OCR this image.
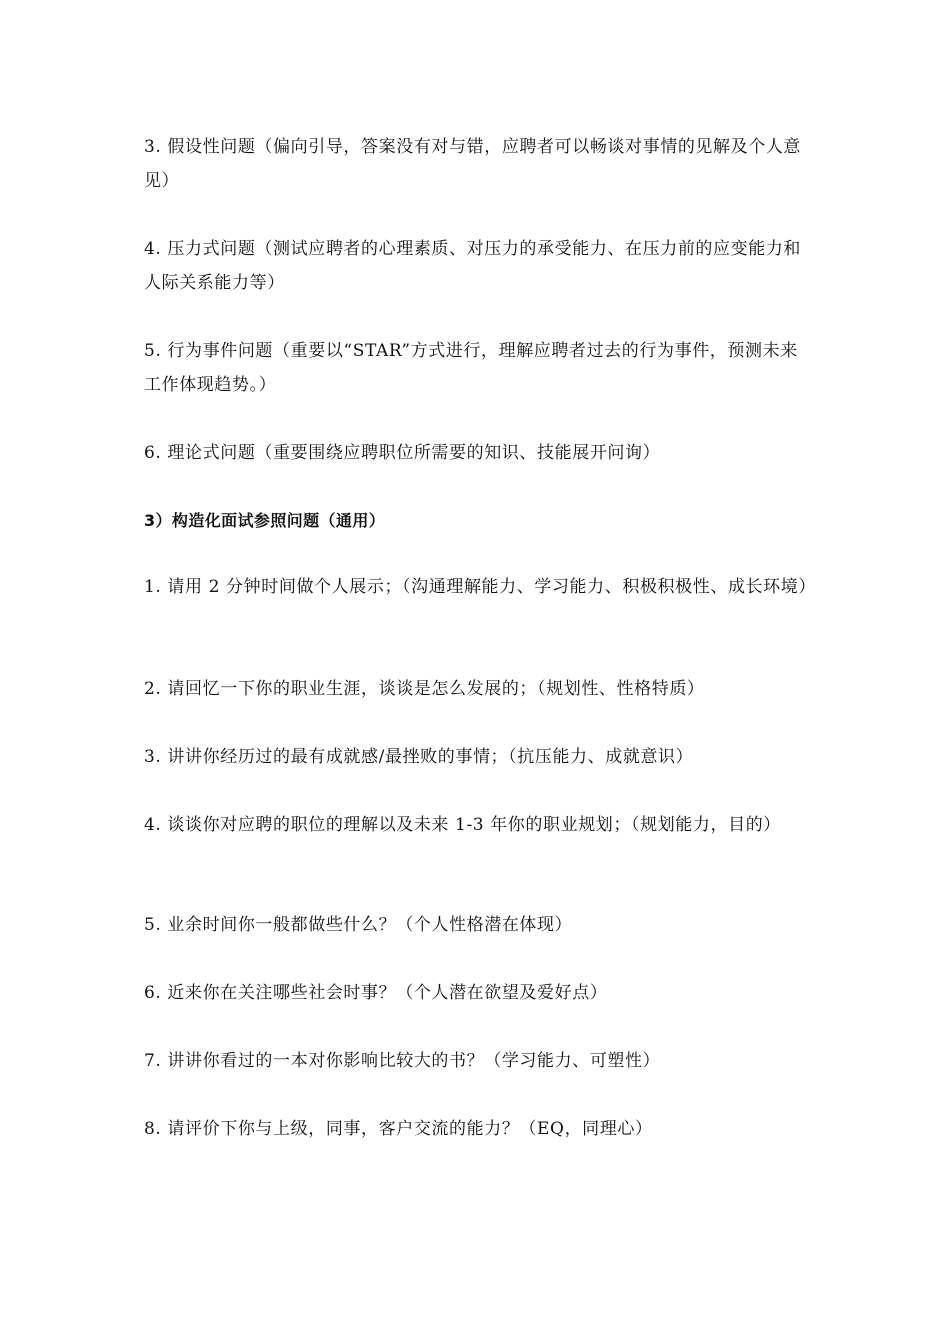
3. 假设性问题（偏向引导，答案没有对与错，应聘者可以畅谈对事情的见解及个人意见）

4. 压力式问题（测试应聘者的心理素质、对压力的承受能力、在压力前的应变能力和人际关系能力等）

5. 行为事件问题（重要以“STAR”方式进行，理解应聘者过去的行为事件，预测未来工作体现趋势。）

6. 理论式问题（重要围绕应聘职位所需要的知识、技能展开问询）

3）构造化面试参照问题（通用）

1. 请用 2 分钟时间做个人展示；（沟通理解能力、学习能力、积极积极性、成长环境）

2. 请回忆一下你的职业生涯，谈谈是怎么发展的；（规划性、性格特质）

3. 讲讲你经历过的最有成就感/最挫败的事情；（抗压能力、成就意识）

4. 谈谈你对应聘的职位的理解以及未来 1-3 年你的职业规划；（规划能力，目的）

5. 业余时间你一般都做些什么？（个人性格潜在体现）

6. 近来你在关注哪些社会时事？（个人潜在欲望及爱好点）

7. 讲讲你看过的一本对你影响比较大的书？（学习能力、可塑性）

8. 请评价下你与上级，同事，客户交流的能力？（EQ，同理心）
